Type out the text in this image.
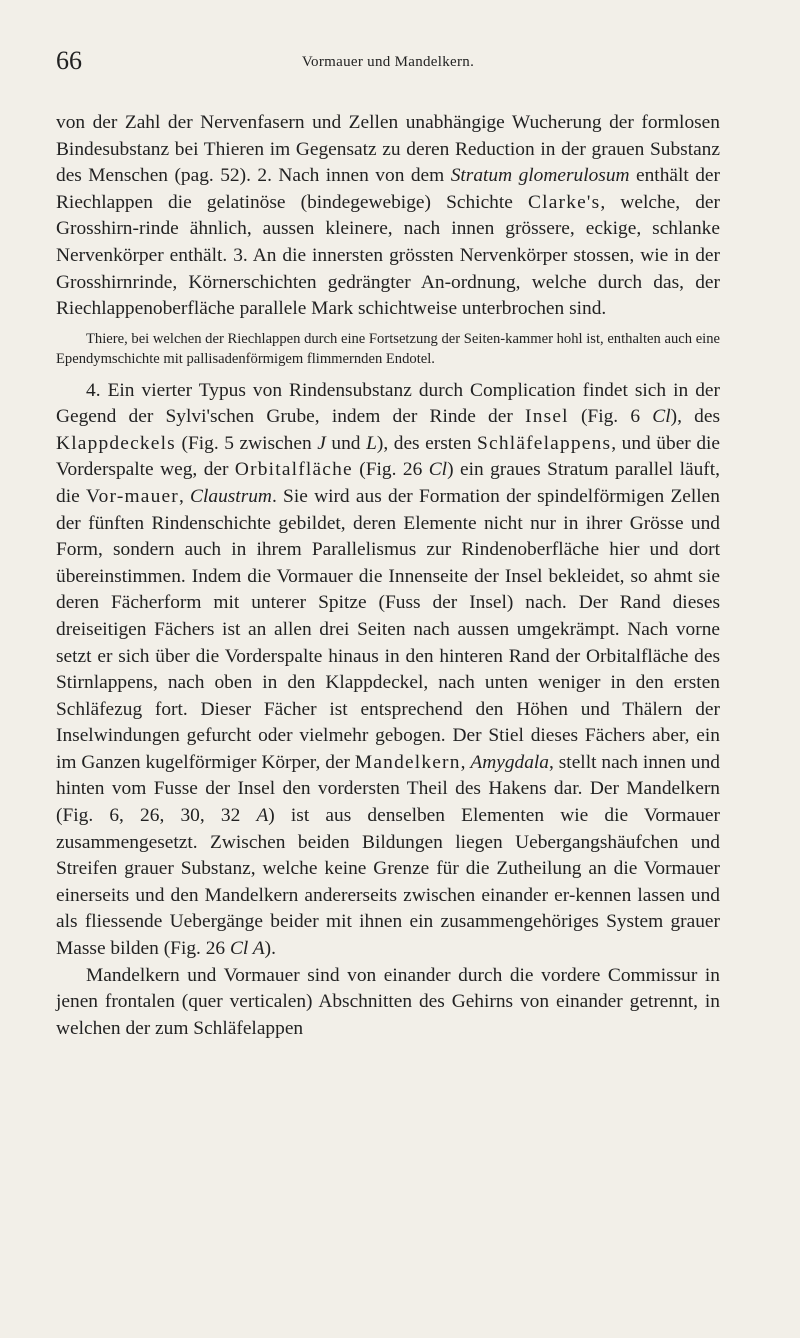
66	Vormauer und Mandelkern.

von der Zahl der Nervenfasern und Zellen unabhängige Wucherung der formlosen Bindesubstanz bei Thieren im Gegensatz zu deren Reduction in der grauen Substanz des Menschen (pag. 52). 2. Nach innen von dem Stratum glomerulosum enthält der Riechlappen die gelatinöse (bindegewebige) Schichte Clarke's, welche, der Grosshirn-rinde ähnlich, aussen kleinere, nach innen grössere, eckige, schlanke Nervenkörper enthält. 3. An die innersten grössten Nervenkörper stossen, wie in der Grosshirnrinde, Körnerschichten gedrängter An-ordnung, welche durch das, der Riechlappenoberfläche parallele Mark schichtweise unterbrochen sind.

Thiere, bei welchen der Riechlappen durch eine Fortsetzung der Seiten-kammer hohl ist, enthalten auch eine Ependymschichte mit pallisadenförmigem flimmernden Endotel.

4. Ein vierter Typus von Rindensubstanz durch Complication findet sich in der Gegend der Sylvi'schen Grube, indem der Rinde der Insel (Fig. 6 Cl), des Klappdeckels (Fig. 5 zwischen J und L), des ersten Schläfelappens, und über die Vorderspalte weg, der Orbitalfläche (Fig. 26 Cl) ein graues Stratum parallel läuft, die Vor-mauer, Claustrum. Sie wird aus der Formation der spindelförmigen Zellen der fünften Rindenschichte gebildet, deren Elemente nicht nur in ihrer Grösse und Form, sondern auch in ihrem Parallelismus zur Rindenoberfläche hier und dort übereinstimmen. Indem die Vormauer die Innenseite der Insel bekleidet, so ahmt sie deren Fächerform mit unterer Spitze (Fuss der Insel) nach. Der Rand dieses dreiseitigen Fächers ist an allen drei Seiten nach aussen umgekrämpt. Nach vorne setzt er sich über die Vorderspalte hinaus in den hinteren Rand der Orbitalfläche des Stirnlappens, nach oben in den Klappdeckel, nach unten weniger in den ersten Schläfezug fort. Dieser Fächer ist entsprechend den Höhen und Thälern der Inselwindungen gefurcht oder vielmehr gebogen. Der Stiel dieses Fächers aber, ein im Ganzen kugelförmiger Körper, der Mandelkern, Amygdala, stellt nach innen und hinten vom Fusse der Insel den vordersten Theil des Hakens dar. Der Mandelkern (Fig. 6, 26, 30, 32 A) ist aus denselben Elementen wie die Vormauer zusammengesetzt. Zwischen beiden Bildungen liegen Uebergangshäufchen und Streifen grauer Substanz, welche keine Grenze für die Zutheilung an die Vormauer einerseits und den Mandelkern andererseits zwischen einander er-kennen lassen und als fliessende Uebergänge beider mit ihnen ein zusammengehöriges System grauer Masse bilden (Fig. 26 Cl A).

Mandelkern und Vormauer sind von einander durch die vordere Commissur in jenen frontalen (quer verticalen) Abschnitten des Gehirns von einander getrennt, in welchen der zum Schläfelappen
